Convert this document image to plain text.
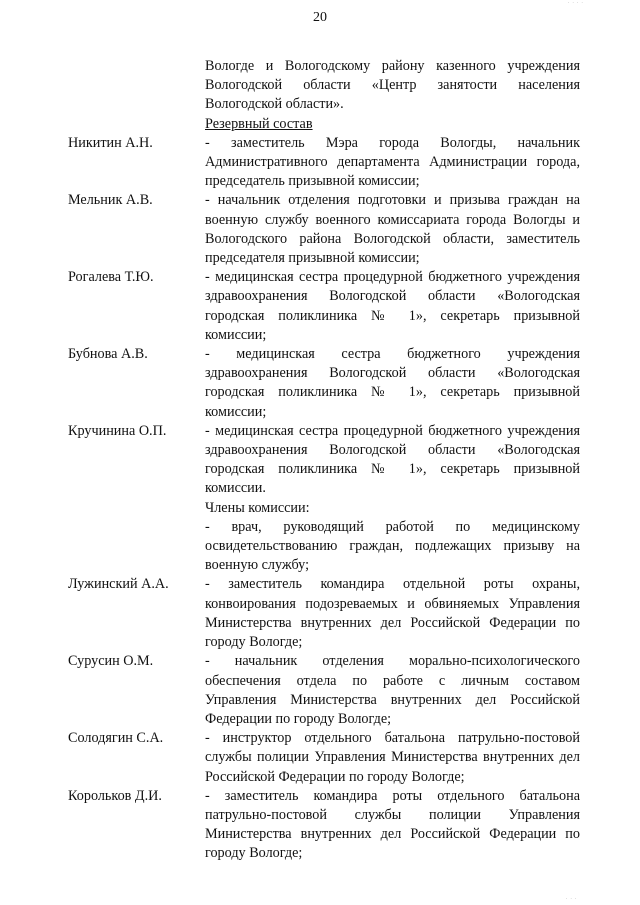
20
. . . .
. . .
Вологде и Вологодскому району казенного учреждения Вологодской области «Центр занятости населения Вологодской области».
Резервный состав
Никитин А.Н.	- заместитель Мэра города Вологды, начальник Административного департамента Администрации города, председатель призывной комиссии;
Мельник А.В.	- начальник отделения подготовки и призыва граждан на военную службу военного комиссариата города Вологды и Вологодского района Вологодской области, заместитель председателя призывной комиссии;
Рогалева Т.Ю.	- медицинская сестра процедурной бюджетного учреждения здравоохранения Вологодской области «Вологодская городская поликлиника № 1», секретарь призывной комиссии;
Бубнова А.В.	- медицинская сестра бюджетного учреждения здравоохранения Вологодской области «Вологодская городская поликлиника № 1», секретарь призывной комиссии;
Кручинина О.П.	- медицинская сестра процедурной бюджетного учреждения здравоохранения Вологодской области «Вологодская городская поликлиника № 1», секретарь призывной комиссии.
Члены комиссии:
- врач, руководящий работой по медицинскому освидетельствованию граждан, подлежащих призыву на военную службу;
Лужинский А.А.	- заместитель командира отдельной роты охраны, конвоирования подозреваемых и обвиняемых Управления Министерства внутренних дел Российской Федерации по городу Вологде;
Сурусин О.М.	- начальник отделения морально-психологического обеспечения отдела по работе с личным составом Управления Министерства внутренних дел Российской Федерации по городу Вологде;
Солодягин С.А.	- инструктор отдельного батальона патрульно-постовой службы полиции Управления Министерства внутренних дел Российской Федерации по городу Вологде;
Корольков Д.И.	- заместитель командира роты отдельного батальона патрульно-постовой службы полиции Управления Министерства внутренних дел Российской Федерации по городу Вологде;
